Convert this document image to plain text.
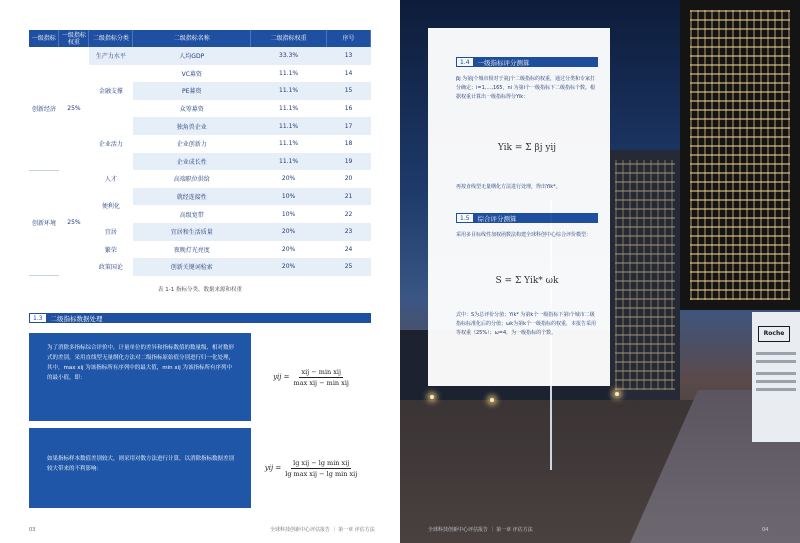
一级指标	一级指标 权重	二级指标分类	二级指标名称	二级指标权重	序号
创新经济	25%	生产力水平	人均GDP	33.3%	13
		金融支撑	VC募资	11.1%	14
			PE募资	11.1%	15
			众筹募资	11.1%	16
		企业活力	独角兽企业	11.1%	17
			企业创新力	11.1%	18
			企业成长性	11.1%	19
创新环境	25%	人才	高端职位供给	20%	20
		便利化	就经连接性	10%	21
			高级宽带	10%	22
		宜居	宜居和生活质量	20%	23
		繁荣	夜晚灯光亮度	20%	24
		政策国论	创新关键词检索	20%	25
表 1-1 指标分类、数据来源和权重
1.3	二级指标数据处理
为了消除多指标综合评价中，计量单位的差异和指标数值的数量级、相对数形式的差别，采用直线型无量纲化方法对二级指标原始值分别进行归一化处理，其中，max xij 为该指标所有序列中的最大值，min xij 为该指标所有序列中的最小值，即：	yij = $\frac{\text{xij − min xij}}{\text{max xij − min xij}}$
如果指标样本数值差别较大，则采用对数方法进行计算，以消除指标数据差别较大带来的不利影响：	yij = $\frac{\text{lg xij − lg min xij}}{\text{lg max xij − lg min xij}}$
03	全球科技创新中心评估报告 ｜ 第一章 评估方法
Roche
1.4	一级指标评分测算
βj 为第j个城市相对于第j个二级指标的权重，通过分类和专家打分确定；i=1,…,165，ni 为第i个一级指标下二级指标个数。根据权重计算出一级指标得分Yik：
Yik = Σ βj yij
再按直线型无量纲化方法进行处理，得出Yik*。
1.5	综合评分测算
采用多目标线性加权函数法构建全球科创中心综合评价模型：
S = Σ Yik* ωk
式中：S为总评价分值；Yik* 为第k个一级指标下第i个城市二级指标标准化后的分值；ωk为第k个一级指标的权重，本报告采用等权重（25%）；ω=4，为一级指标的个数。
全球科技创新中心评估报告 ｜ 第一章 评估方法	04
